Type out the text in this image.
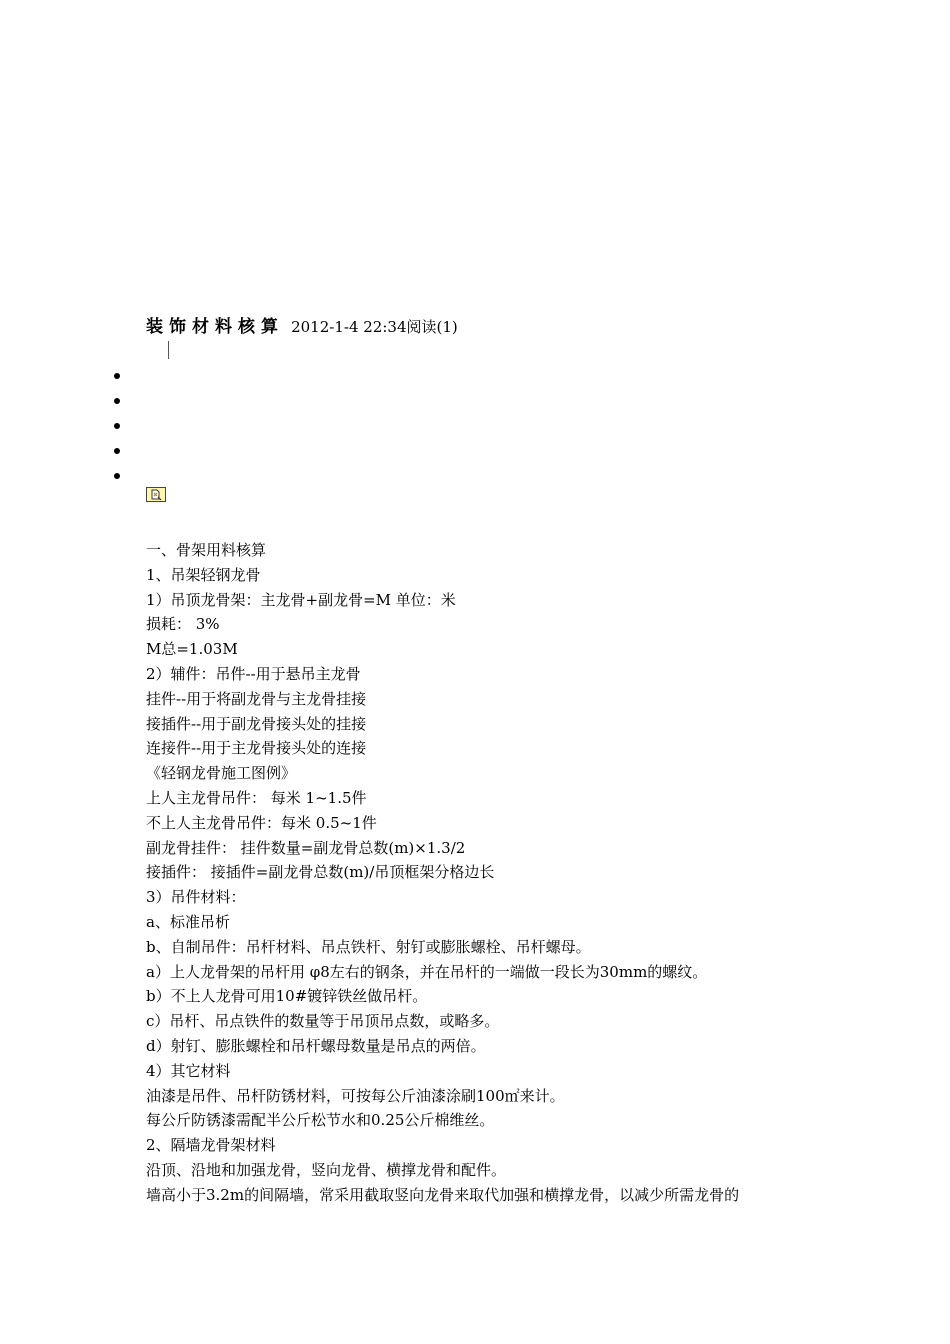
装饰材料核算 2012-1-4 22:34阅读(1)

一、骨架用料核算

1、吊架轻钢龙骨

1）吊顶龙骨架：主龙骨+副龙骨=M 单位：米

损耗： 3%

M总=1.03M

2）辅件：吊件--用于悬吊主龙骨

挂件--用于将副龙骨与主龙骨挂接

接插件--用于副龙骨接头处的挂接

连接件--用于主龙骨接头处的连接

《轻钢龙骨施工图例》

上人主龙骨吊件： 每米 1~1.5件

不上人主龙骨吊件：每米 0.5~1件

副龙骨挂件： 挂件数量=副龙骨总数(m)×1.3/2

接插件： 接插件=副龙骨总数(m)/吊顶框架分格边长

3）吊件材料：

a、标准吊析

b、自制吊件：吊杆材料、吊点铁杆、射钉或膨胀螺栓、吊杆螺母。

a）上人龙骨架的吊杆用 φ8左右的钢条，并在吊杆的一端做一段长为30mm的螺纹。

b）不上人龙骨可用10#镀锌铁丝做吊杆。

c）吊杆、吊点铁件的数量等于吊顶吊点数，或略多。

d）射钉、膨胀螺栓和吊杆螺母数量是吊点的两倍。

4）其它材料

油漆是吊件、吊杆防锈材料，可按每公斤油漆涂刷100㎡来计。

每公斤防锈漆需配半公斤松节水和0.25公斤棉维丝。

2、隔墙龙骨架材料

沿顶、沿地和加强龙骨，竖向龙骨、横撑龙骨和配件。

墙高小于3.2m的间隔墙，常采用截取竖向龙骨来取代加强和横撑龙骨，以减少所需龙骨的
